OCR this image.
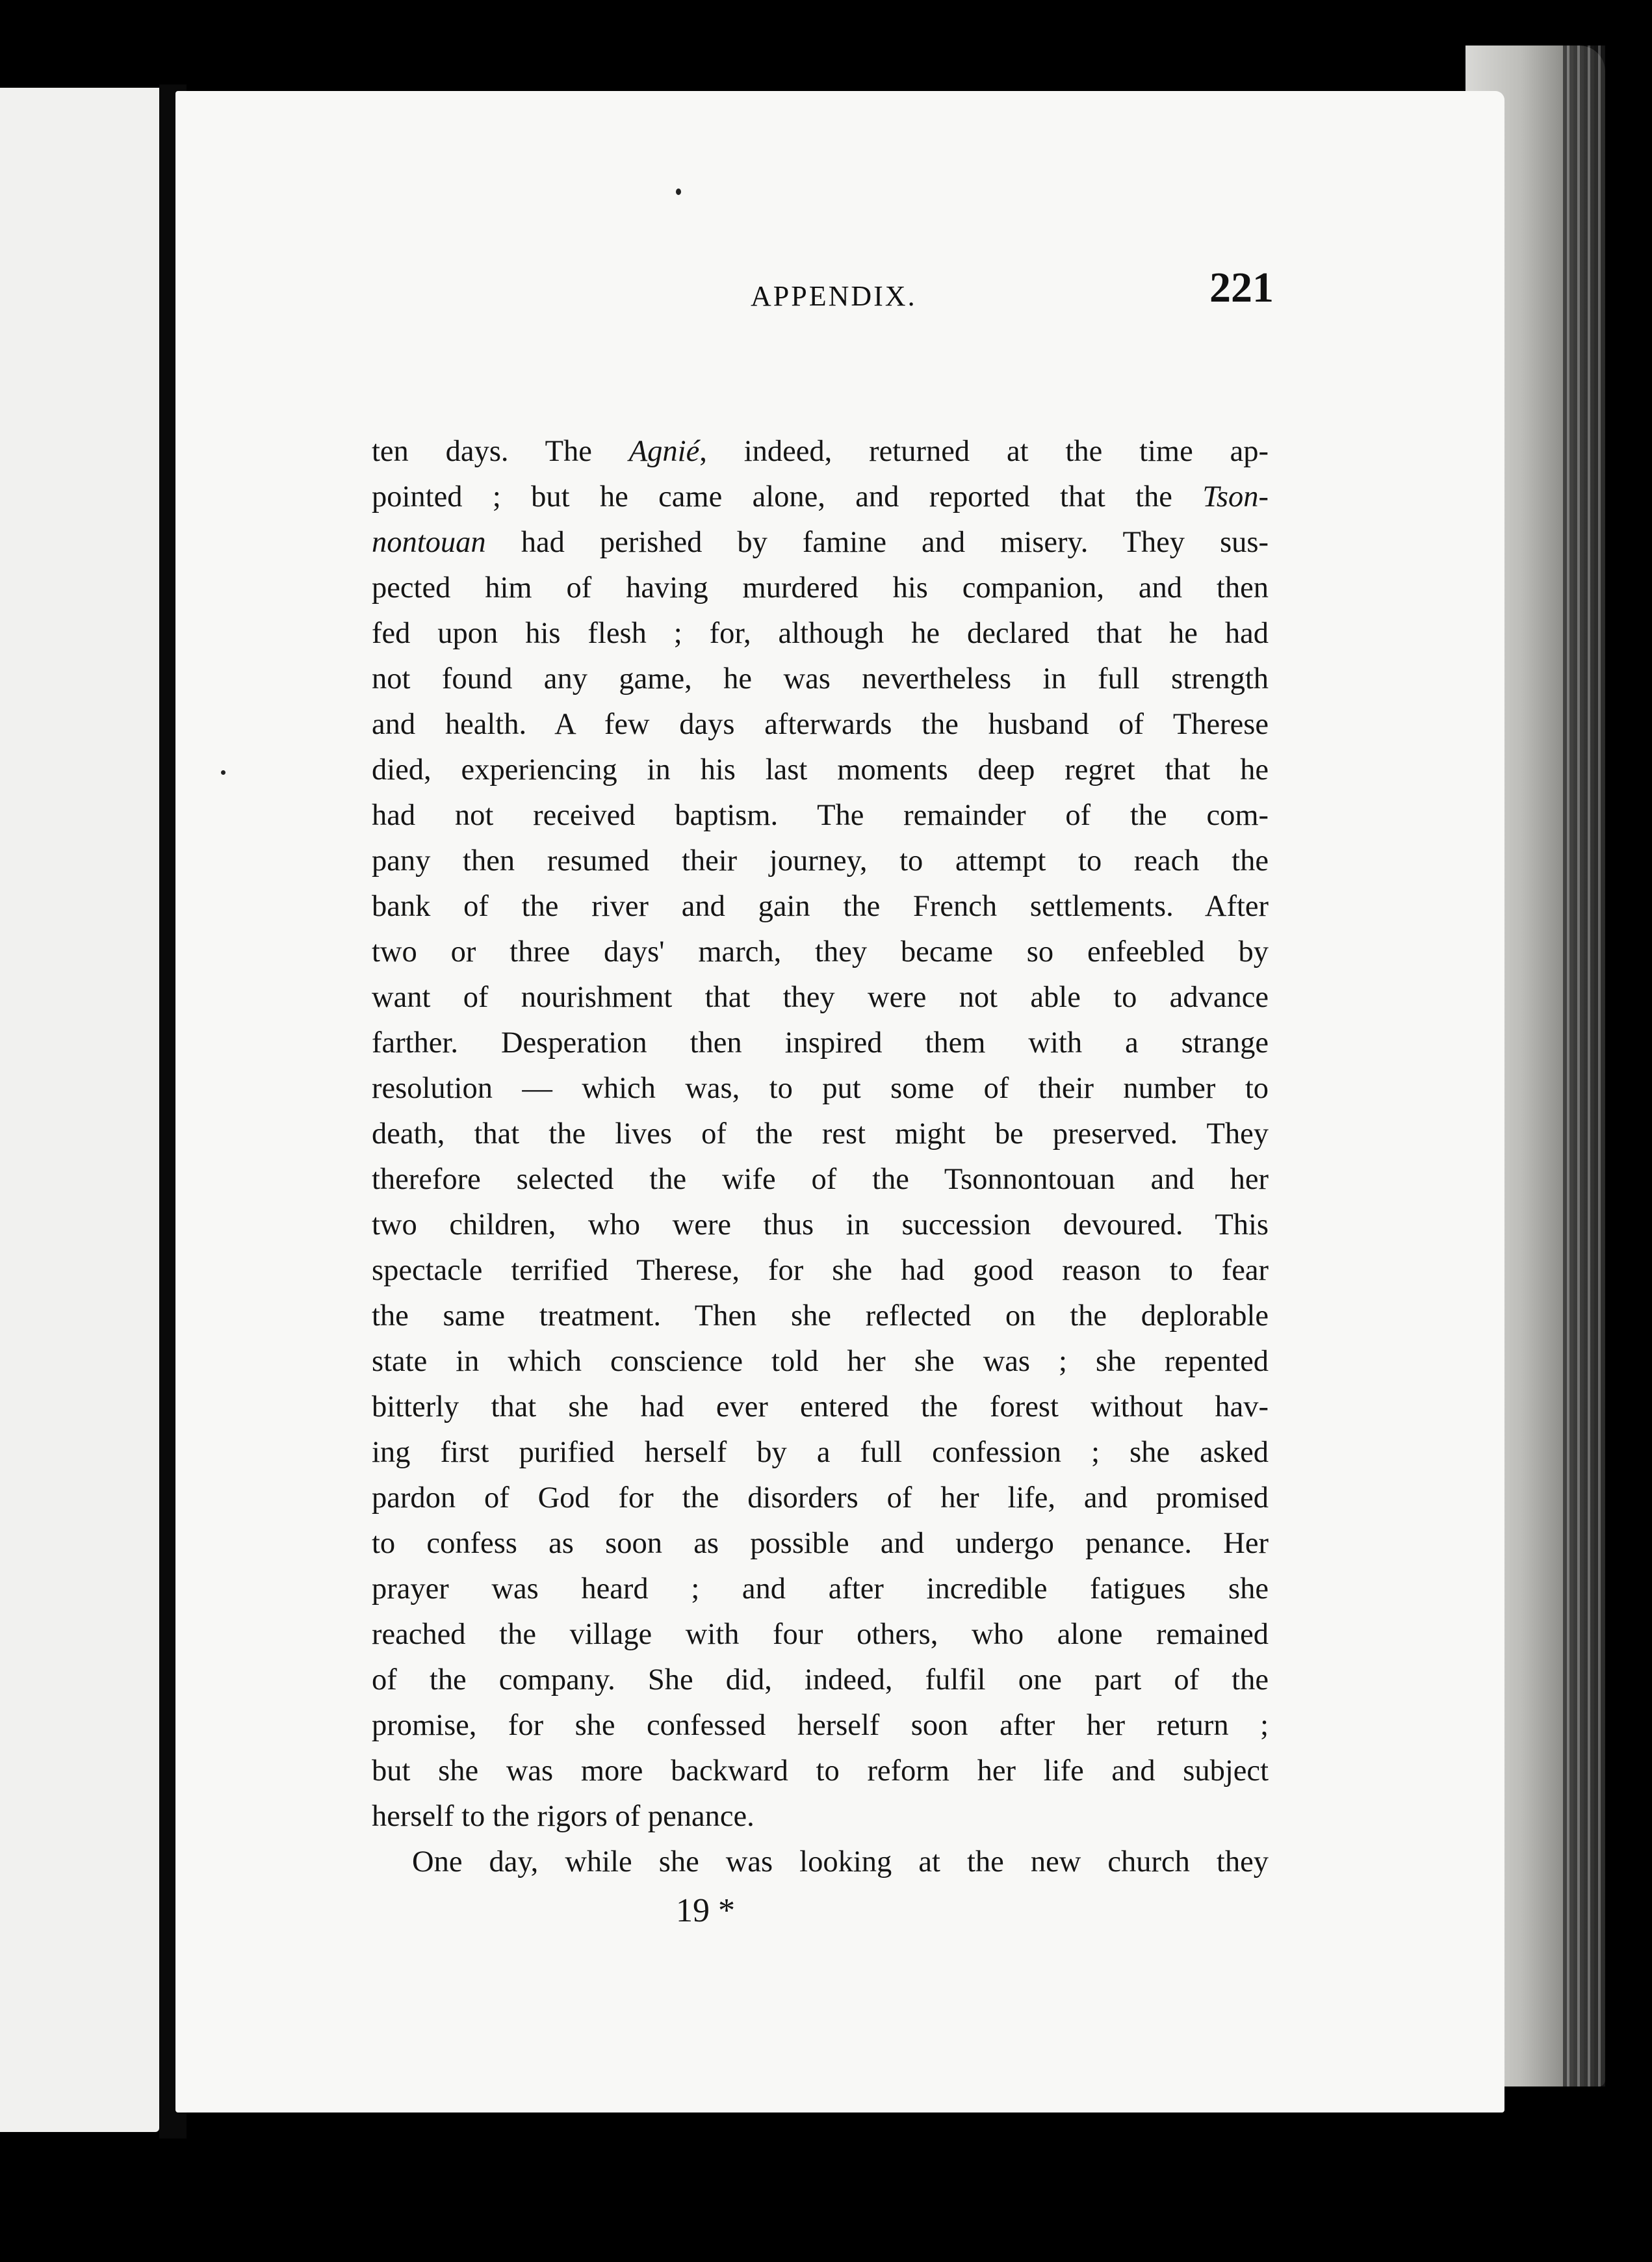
APPENDIX.	221
ten days. The Agnié, indeed, returned at the time ap-
pointed ; but he came alone, and reported that the Tson-
nontouan had perished by famine and misery. They sus-
pected him of having murdered his companion, and then
fed upon his flesh ; for, although he declared that he had
not found any game, he was nevertheless in full strength
and health. A few days afterwards the husband of Therese
died, experiencing in his last moments deep regret that he
had not received baptism. The remainder of the com-
pany then resumed their journey, to attempt to reach the
bank of the river and gain the French settlements. After
two or three days' march, they became so enfeebled by
want of nourishment that they were not able to advance
farther. Desperation then inspired them with a strange
resolution — which was, to put some of their number to
death, that the lives of the rest might be preserved. They
therefore selected the wife of the Tsonnontouan and her
two children, who were thus in succession devoured. This
spectacle terrified Therese, for she had good reason to fear
the same treatment. Then she reflected on the deplorable
state in which conscience told her she was ; she repented
bitterly that she had ever entered the forest without hav-
ing first purified herself by a full confession ; she asked
pardon of God for the disorders of her life, and promised
to confess as soon as possible and undergo penance. Her
prayer was heard ; and after incredible fatigues she
reached the village with four others, who alone remained
of the company. She did, indeed, fulfil one part of the
promise, for she confessed herself soon after her return ;
but she was more backward to reform her life and subject
herself to the rigors of penance.
One day, while she was looking at the new church they
19 *
